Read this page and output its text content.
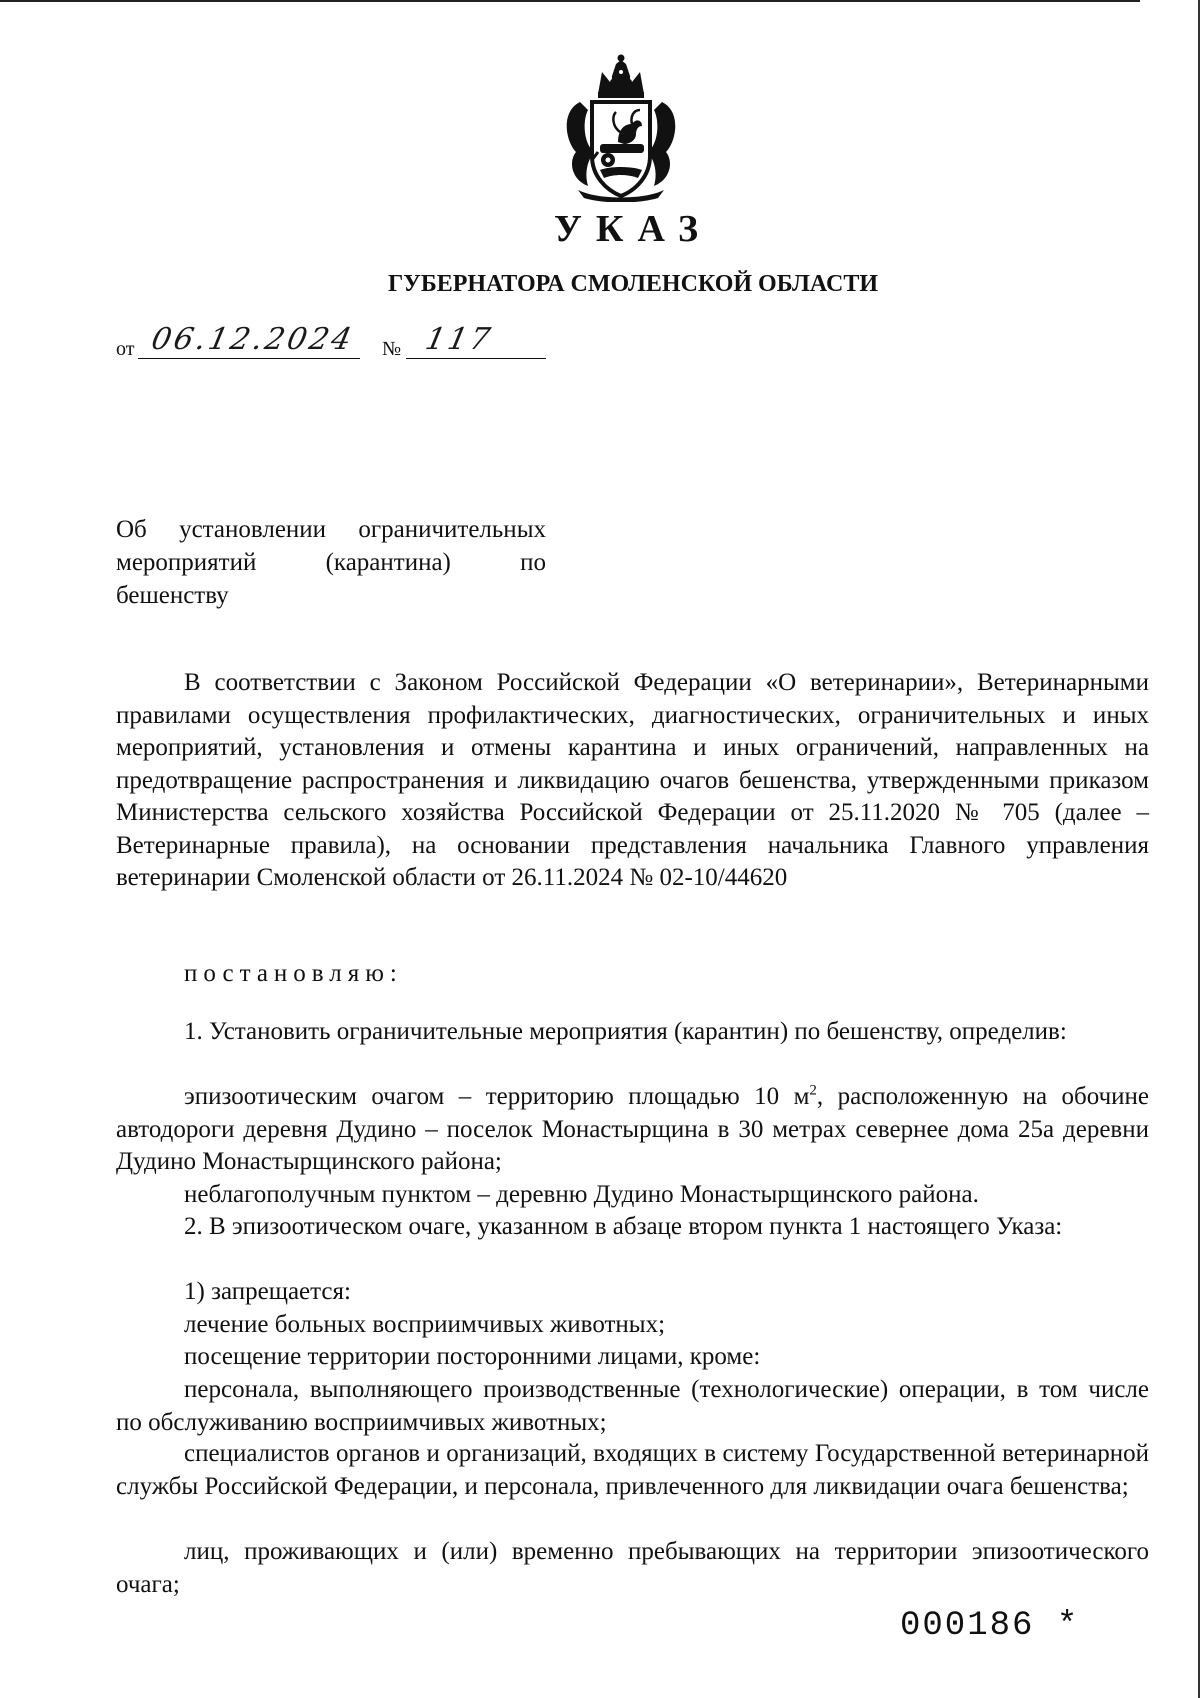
УКАЗ
ГУБЕРНАТОРА СМОЛЕНСКОЙ ОБЛАСТИ
от 06.12.2024 № 117
Об установлении ограничительных
мероприятий (карантина) по
бешенству
В соответствии с Законом Российской Федерации «О ветеринарии», Ветеринарными правилами осуществления профилактических, диагностических, ограничительных и иных мероприятий, установления и отмены карантина и иных ограничений, направленных на предотвращение распространения и ликвидацию очагов бешенства, утвержденными приказом Министерства сельского хозяйства Российской Федерации от 25.11.2020 № 705 (далее – Ветеринарные правила), на основании представления начальника Главного управления ветеринарии Смоленской области от 26.11.2024 № 02-10/44620
постановляю:
1. Установить ограничительные мероприятия (карантин) по бешенству, определив:
эпизоотическим очагом – территорию площадью 10 $м^2$, расположенную на обочине автодороги деревня Дудино – поселок Монастырщина в 30 метрах севернее дома 25а деревни Дудино Монастырщинского района;
неблагополучным пунктом – деревню Дудино Монастырщинского района.
2. В эпизоотическом очаге, указанном в абзаце втором пункта 1 настоящего Указа:
1) запрещается:
лечение больных восприимчивых животных;
посещение территории посторонними лицами, кроме:
персонала, выполняющего производственные (технологические) операции, в том числе по обслуживанию восприимчивых животных;
специалистов органов и организаций, входящих в систему Государственной ветеринарной службы Российской Федерации, и персонала, привлеченного для ликвидации очага бешенства;
лиц, проживающих и (или) временно пребывающих на территории эпизоотического очага;
000186 *
